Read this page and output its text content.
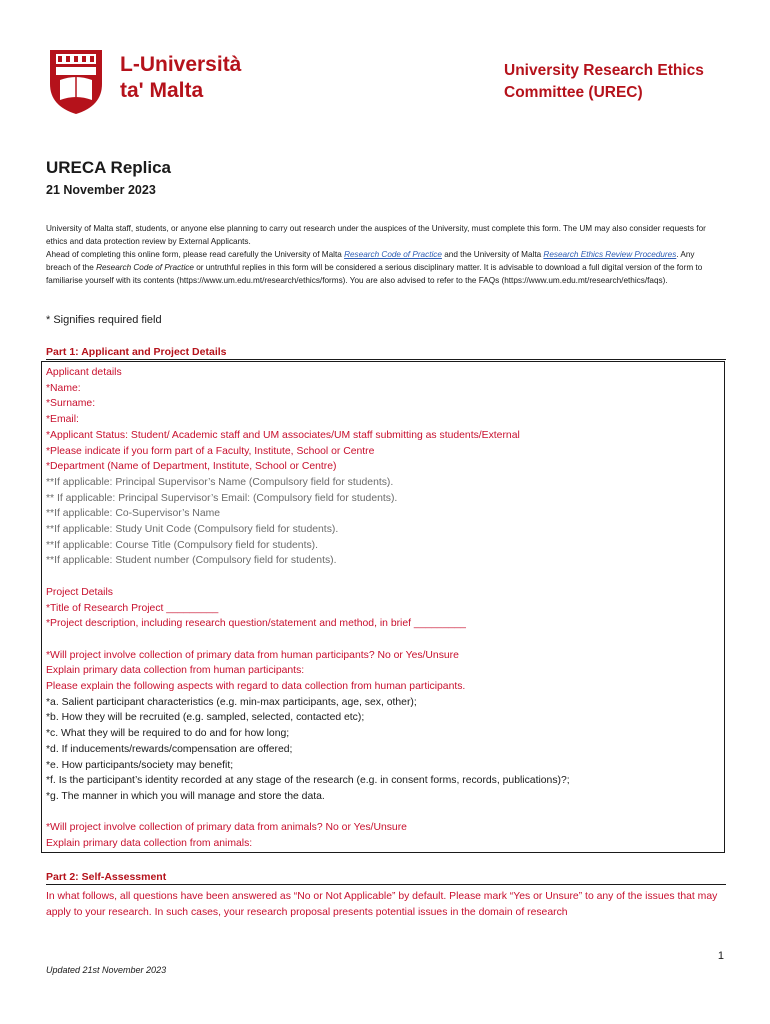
L-Università
ta' Malta
University Research Ethics
Committee (UREC)
URECA Replica
21 November 2023

University of Malta staff, students, or anyone else planning to carry out research under the auspices of the University, must complete this form. The UM may also consider requests for ethics and data protection review by External Applicants.

Ahead of completing this online form, please read carefully the University of Malta Research Code of Practice and the University of Malta Research Ethics Review Procedures. Any breach of the Research Code of Practice or untruthful replies in this form will be considered a serious disciplinary matter. It is advisable to download a full digital version of the form to familiarise yourself with its contents (https://www.um.edu.mt/research/ethics/forms). You are also advised to refer to the FAQs (https://www.um.edu.mt/research/ethics/faqs).

* Signifies required field
Part 1: Applicant and Project Details
Applicant details
*Name:
*Surname:
*Email:
*Applicant Status: Student/ Academic staff and UM associates/UM staff submitting as students/External
*Please indicate if you form part of a Faculty, Institute, School or Centre
*Department (Name of Department, Institute, School or Centre)
**If applicable: Principal Supervisor’s Name (Compulsory field for students).
** If applicable: Principal Supervisor’s Email: (Compulsory field for students).
**If applicable: Co-Supervisor’s Name
**If applicable: Study Unit Code (Compulsory field for students).
**If applicable: Course Title (Compulsory field for students).
**If applicable: Student number (Compulsory field for students).
Project Details
*Title of Research Project _________
*Project description, including research question/statement and method, in brief _________
*Will project involve collection of primary data from human participants? No or Yes/Unsure
Explain primary data collection from human participants:
Please explain the following aspects with regard to data collection from human participants.
*a. Salient participant characteristics (e.g. min-max participants, age, sex, other);
*b. How they will be recruited (e.g. sampled, selected, contacted etc);
*c. What they will be required to do and for how long;
*d. If inducements/rewards/compensation are offered;
*e. How participants/society may benefit;
*f. Is the participant’s identity recorded at any stage of the research (e.g. in consent forms, records, publications)?;
*g. The manner in which you will manage and store the data.
*Will project involve collection of primary data from animals? No or Yes/Unsure
Explain primary data collection from animals:
Part 2: Self-Assessment
In what follows, all questions have been answered as “No or Not Applicable” by default. Please mark “Yes or Unsure” to any of the issues that may apply to your research. In such cases, your research proposal presents potential issues in the domain of research
1
Updated 21st November 2023
